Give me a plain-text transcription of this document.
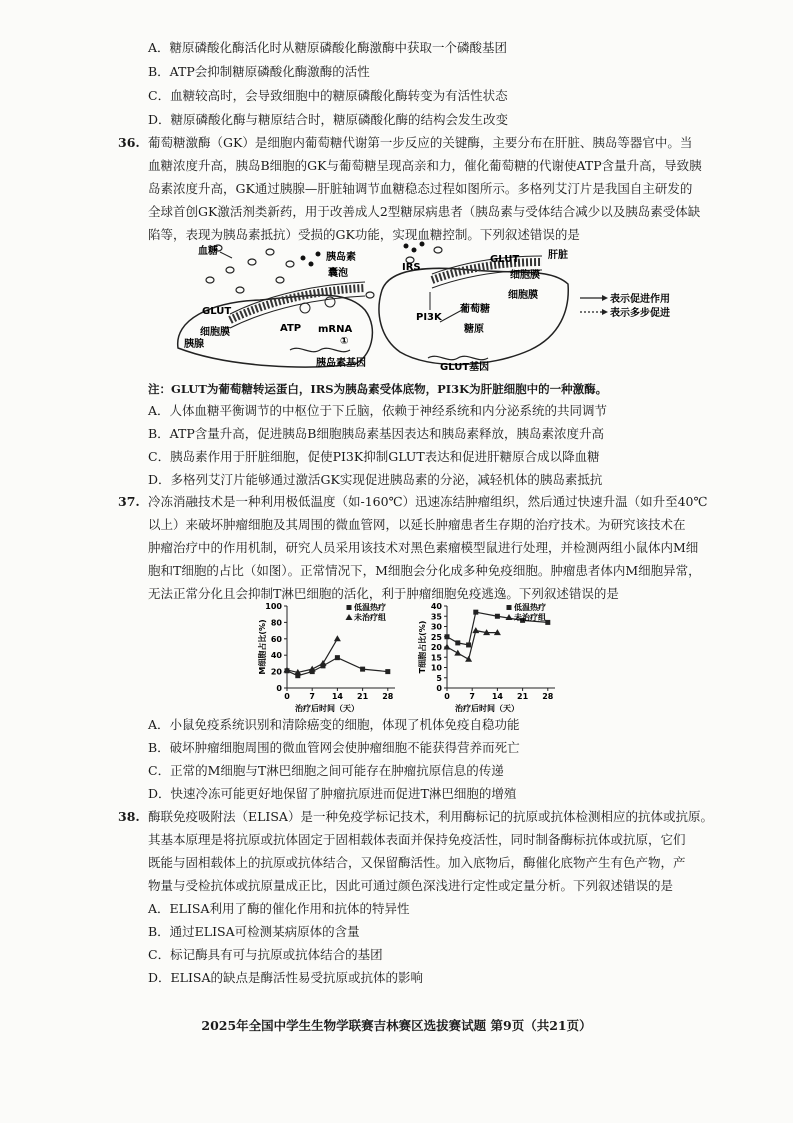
A．糖原磷酸化酶活化时从糖原磷酸化酶激酶中获取一个磷酸基团
B．ATP会抑制糖原磷酸化酶激酶的活性
C．血糖较高时，会导致细胞中的糖原磷酸化酶转变为有活性状态
D．糖原磷酸化酶与糖原结合时，糖原磷酸化酶的结构会发生改变
36. 葡萄糖激酶（GK）是细胞内葡萄糖代谢第一步反应的关键酶，主要分布在肝脏、胰岛等器官中。当
血糖浓度升高，胰岛B细胞的GK与葡萄糖呈现高亲和力，催化葡萄糖的代谢使ATP含量升高，导致胰
岛素浓度升高，GK通过胰腺—肝脏轴调节血糖稳态过程如图所示。多格列艾汀片是我国自主研发的
全球首创GK激活剂类新药，用于改善成人2型糖尿病患者（胰岛素与受体结合减少以及胰岛素受体缺
陷等，表现为胰岛素抵抗）受损的GK功能，实现血糖控制。下列叙述错误的是
血糖
胰岛素
囊泡
GLUT
细胞膜
胰腺
ATP mRNA
①
胰岛素基因
IRS
GLUT	肝脏
细胞膜
细胞膜
PI3K
葡萄糖
糖原
GLUT基因
表示促进作用
表示多步促进
注：GLUT为葡萄糖转运蛋白，IRS为胰岛素受体底物，PI3K为肝脏细胞中的一种激酶。
A．人体血糖平衡调节的中枢位于下丘脑，依赖于神经系统和内分泌系统的共同调节
B．ATP含量升高，促进胰岛B细胞胰岛素基因表达和胰岛素释放，胰岛素浓度升高
C．胰岛素作用于肝脏细胞，促使PI3K抑制GLUT表达和促进肝糖原合成以降血糖
D．多格列艾汀片能够通过激活GK实现促进胰岛素的分泌，减轻机体的胰岛素抵抗
37. 冷冻消融技术是一种利用极低温度（如-160℃）迅速冻结肿瘤组织，然后通过快速升温（如升至40℃
以上）来破坏肿瘤细胞及其周围的微血管网，以延长肿瘤患者生存期的治疗技术。为研究该技术在
肿瘤治疗中的作用机制，研究人员采用该技术对黑色素瘤模型鼠进行处理，并检测两组小鼠体内M细
胞和T细胞的占比（如图）。正常情况下，M细胞会分化成多种免疫细胞。肿瘤患者体内M细胞异常，
无法正常分化且会抑制T淋巴细胞的活化，利于肿瘤细胞免疫逃逸。下列叙述错误的是
0
20
40
60
80
100
0 7 14 21 28
治疗后时间（天）
M细胞占比(%)
低温热疗
未治疗组
0
5
10
15
20
25
30
35
40
0 7 14 21 28
治疗后时间（天）
T细胞占比(%)
低温热疗
未治疗组
A．小鼠免疫系统识别和清除癌变的细胞，体现了机体免疫自稳功能
B．破坏肿瘤细胞周围的微血管网会使肿瘤细胞不能获得营养而死亡
C．正常的M细胞与T淋巴细胞之间可能存在肿瘤抗原信息的传递
D．快速冷冻可能更好地保留了肿瘤抗原进而促进T淋巴细胞的增殖
38. 酶联免疫吸附法（ELISA）是一种免疫学标记技术，利用酶标记的抗原或抗体检测相应的抗体或抗原。
其基本原理是将抗原或抗体固定于固相载体表面并保持免疫活性，同时制备酶标抗体或抗原，它们
既能与固相载体上的抗原或抗体结合，又保留酶活性。加入底物后，酶催化底物产生有色产物，产
物量与受检抗体或抗原量成正比，因此可通过颜色深浅进行定性或定量分析。下列叙述错误的是
A．ELISA利用了酶的催化作用和抗体的特异性
B．通过ELISA可检测某病原体的含量
C．标记酶具有可与抗原或抗体结合的基团
D．ELISA的缺点是酶活性易受抗原或抗体的影响
2025年全国中学生生物学联赛吉林赛区选拔赛试题 第9页（共21页）
